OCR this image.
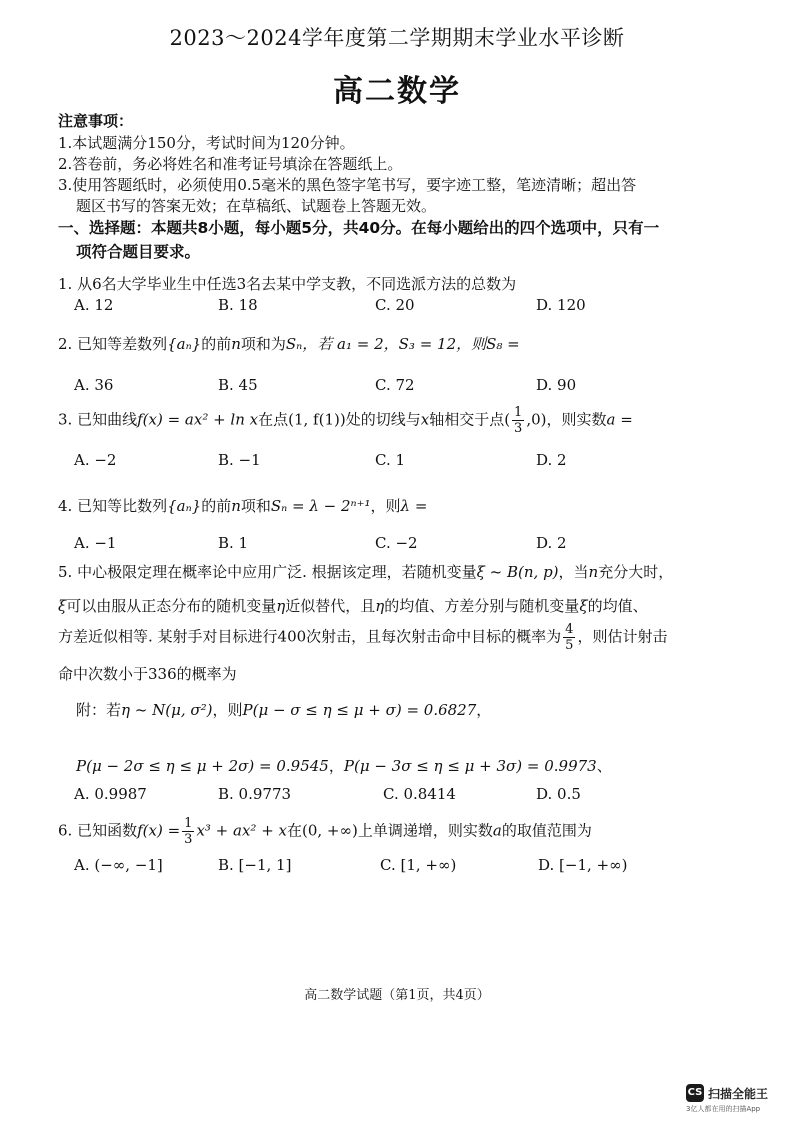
2023～2024学年度第二学期期末学业水平诊断
高二数学
注意事项：
1.本试题满分150分，考试时间为120分钟。
2.答卷前，务必将姓名和准考证号填涂在答题纸上。
3.使用答题纸时，必须使用0.5毫米的黑色签字笔书写，要字迹工整，笔迹清晰；超出答
题区书写的答案无效；在草稿纸、试题卷上答题无效。
一、选择题：本题共8小题，每小题5分，共40分。在每小题给出的四个选项中，只有一
项符合题目要求。
1. 从6名大学毕业生中任选3名去某中学支教，不同选派方法的总数为
A. 12	B. 18	C. 20	D. 120
2. 已知等差数列{aₙ}的前n项和为Sₙ，若 a₁ = 2，S₃ = 12，则S₈ =
A. 36	B. 45	C. 72	D. 90
3. 已知曲线f(x) = ax² + ln x在点(1, f(1))处的切线与x轴相交于点( $\frac{1}{3} ,0$)，则实数a =
A. −2	B. −1	C. 1	D. 2
4. 已知等比数列{aₙ}的前n项和Sₙ = λ − 2ⁿ⁺¹，则λ =
A. −1	B. 1	C. −2	D. 2
5. 中心极限定理在概率论中应用广泛. 根据该定理，若随机变量ξ ~ B(n, p)，当n充分大时，
ξ可以由服从正态分布的随机变量η近似替代，且η的均值、方差分别与随机变量ξ的均值、
方差近似相等. 某射手对目标进行400次射击，且每次射击命中目标的概率为 $\frac{4}{5}$ ，则估计射击
命中次数小于336的概率为
附：若η ~ N(μ, σ²)，则P(μ − σ ≤ η ≤ μ + σ) = 0.6827，
P(μ − 2σ ≤ η ≤ μ + 2σ) = 0.9545，P(μ − 3σ ≤ η ≤ μ + 3σ) = 0.9973、
A. 0.9987	B. 0.9773	C. 0.8414	D. 0.5
6. 已知函数$f(x) = \frac{1}{3} x^3 + ax^2 + x$在(0, +∞)上单调递增，则实数a的取值范围为
A. (−∞, −1]	B. [−1, 1]	C. [1, +∞)	D. [−1, +∞)
高二数学试题（第1页，共4页）
CS 扫描全能王
3亿人都在用的扫描App
